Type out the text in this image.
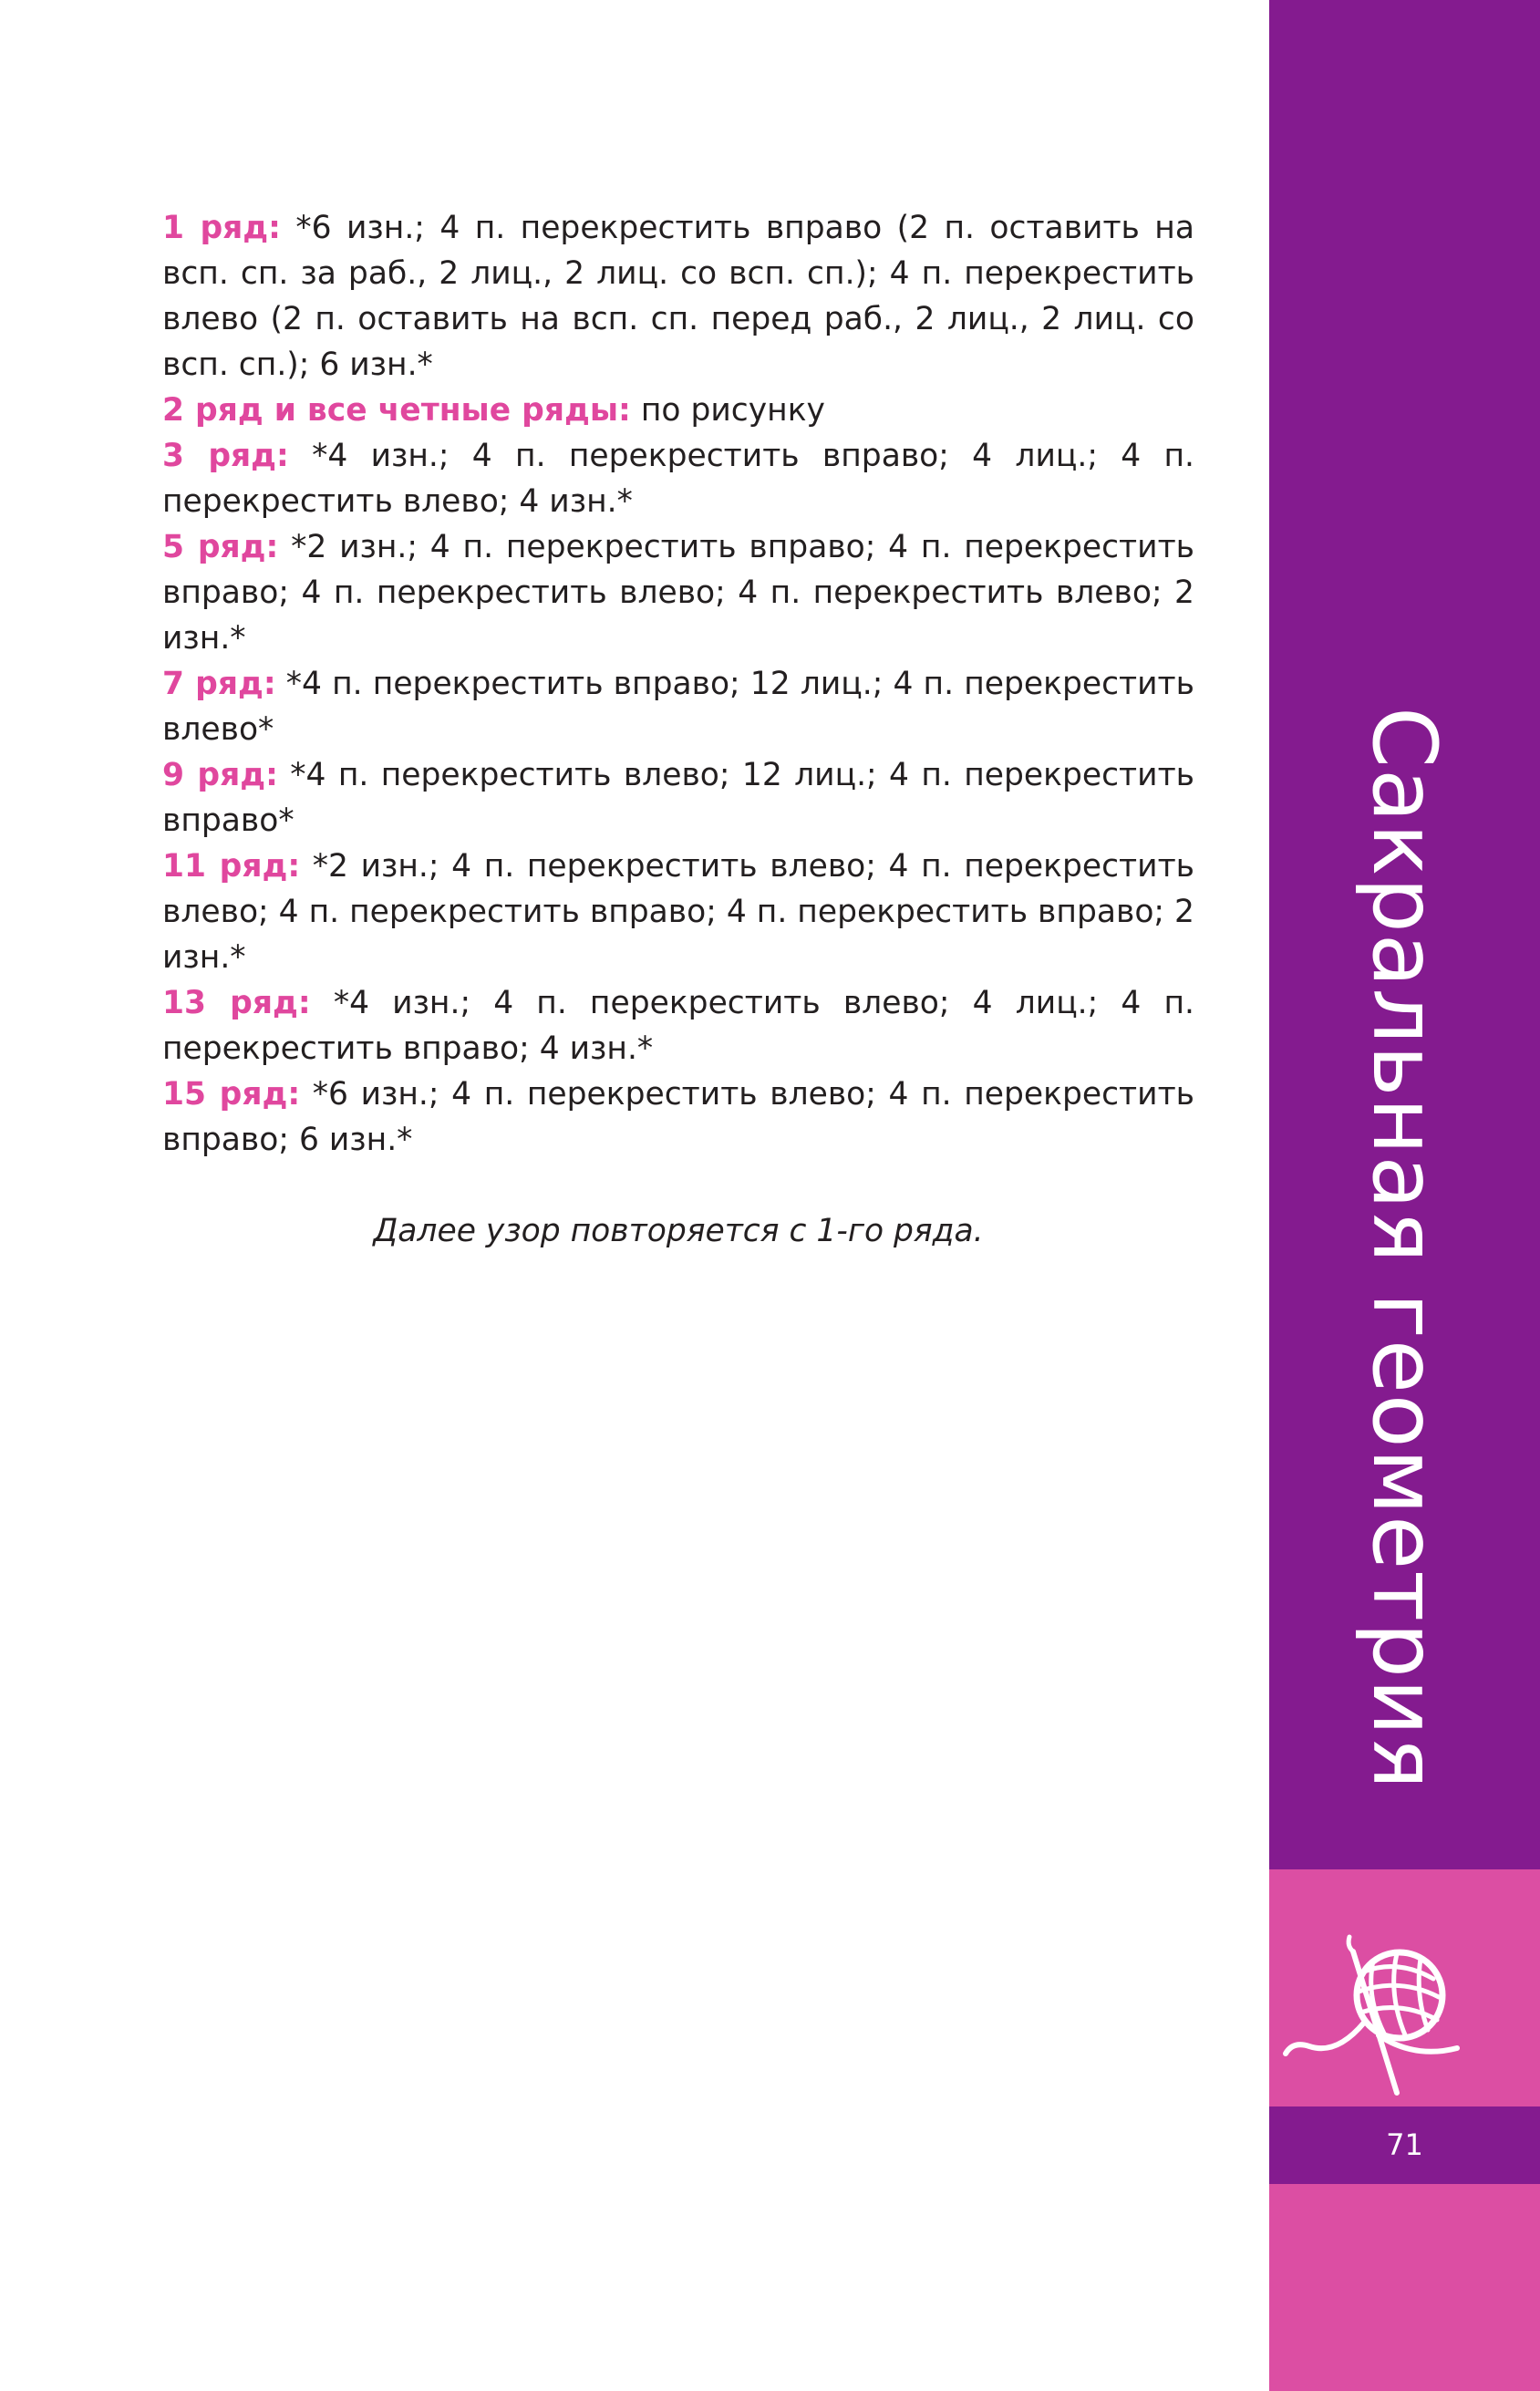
1 ряд: *6 изн.; 4 п. перекрестить вправо (2 п. оставить на всп. сп. за раб., 2 лиц., 2 лиц. со всп. сп.); 4 п. перекрестить влево (2 п. оставить на всп. сп. перед раб., 2 лиц., 2 лиц. со всп. сп.); 6 изн.*

2 ряд и все четные ряды: по рисунку

3 ряд: *4 изн.; 4 п. перекрестить вправо; 4 лиц.; 4 п. перекрестить влево; 4 изн.*

5 ряд: *2 изн.; 4 п. перекрестить вправо; 4 п. перекрестить вправо; 4 п. перекрестить влево; 4 п. перекрестить влево; 2 изн.*

7 ряд: *4 п. перекрестить вправо; 12 лиц.; 4 п. перекрестить влево*

9 ряд: *4 п. перекрестить влево; 12 лиц.; 4 п. перекрестить вправо*

11 ряд: *2 изн.; 4 п. перекрестить влево; 4 п. перекрестить влево; 4 п. перекрестить вправо; 4 п. перекрестить вправо; 2 изн.*

13 ряд: *4 изн.; 4 п. перекрестить влево; 4 лиц.; 4 п. перекрестить вправо; 4 изн.*

15 ряд: *6 изн.; 4 п. перекрестить влево; 4 п. перекрестить вправо; 6 изн.*

Далее узор повторяется с 1-го ряда.	Сакральная геометрия
71
